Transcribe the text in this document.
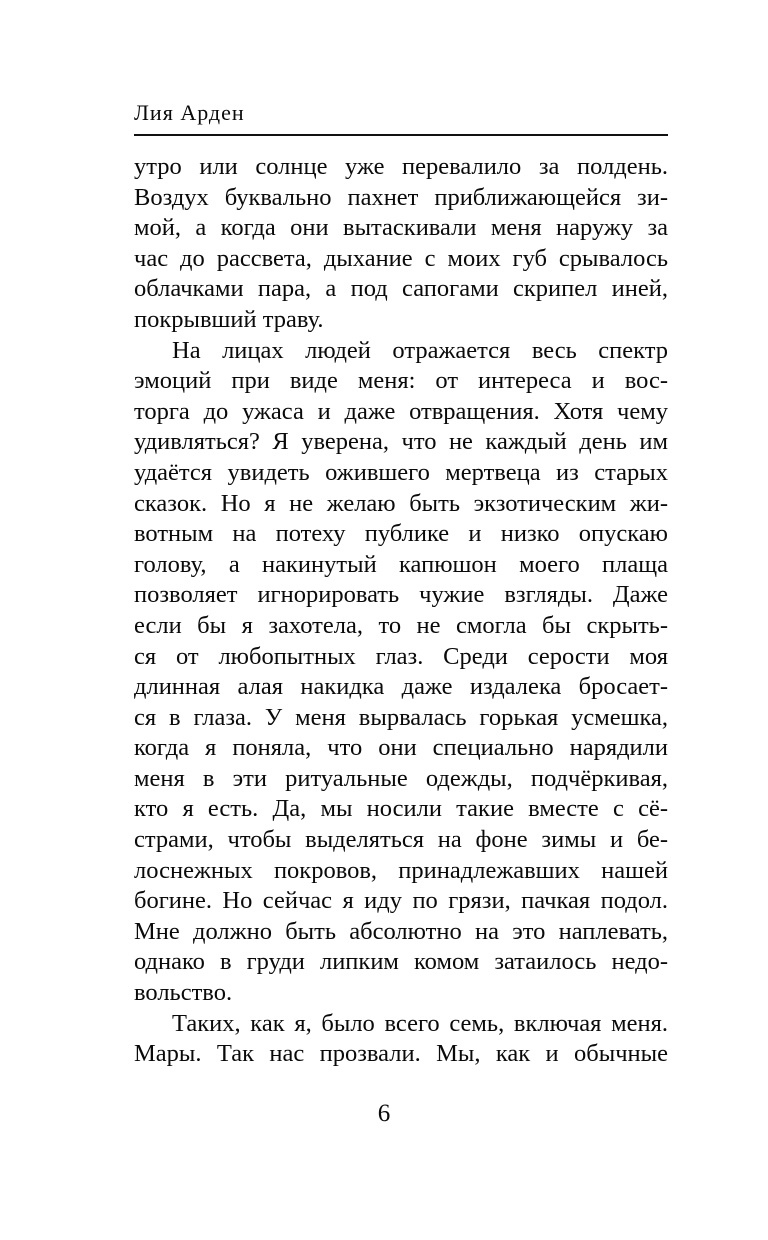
Лия Арден
утро или солнце уже перевалило за полдень.
Воздух буквально пахнет приближающейся зи-
мой, а когда они вытаскивали меня наружу за
час до рассвета, дыхание с моих губ срывалось
облачками пара, а под сапогами скрипел иней,
покрывший траву.
На лицах людей отражается весь спектр
эмоций при виде меня: от интереса и вос-
торга до ужаса и даже отвращения. Хотя чему
удивляться? Я уверена, что не каждый день им
удаётся увидеть ожившего мертвеца из старых
сказок. Но я не желаю быть экзотическим жи-
вотным на потеху публике и низко опускаю
голову, а накинутый капюшон моего плаща
позволяет игнорировать чужие взгляды. Даже
если бы я захотела, то не смогла бы скрыть-
ся от любопытных глаз. Среди серости моя
длинная алая накидка даже издалека бросает-
ся в глаза. У меня вырвалась горькая усмешка,
когда я поняла, что они специально нарядили
меня в эти ритуальные одежды, подчёркивая,
кто я есть. Да, мы носили такие вместе с сё-
страми, чтобы выделяться на фоне зимы и бе-
лоснежных покровов, принадлежавших нашей
богине. Но сейчас я иду по грязи, пачкая подол.
Мне должно быть абсолютно на это наплевать,
однако в груди липким комом затаилось недо-
вольство.
Таких, как я, было всего семь, включая меня.
Мары. Так нас прозвали. Мы, как и обычные
6
